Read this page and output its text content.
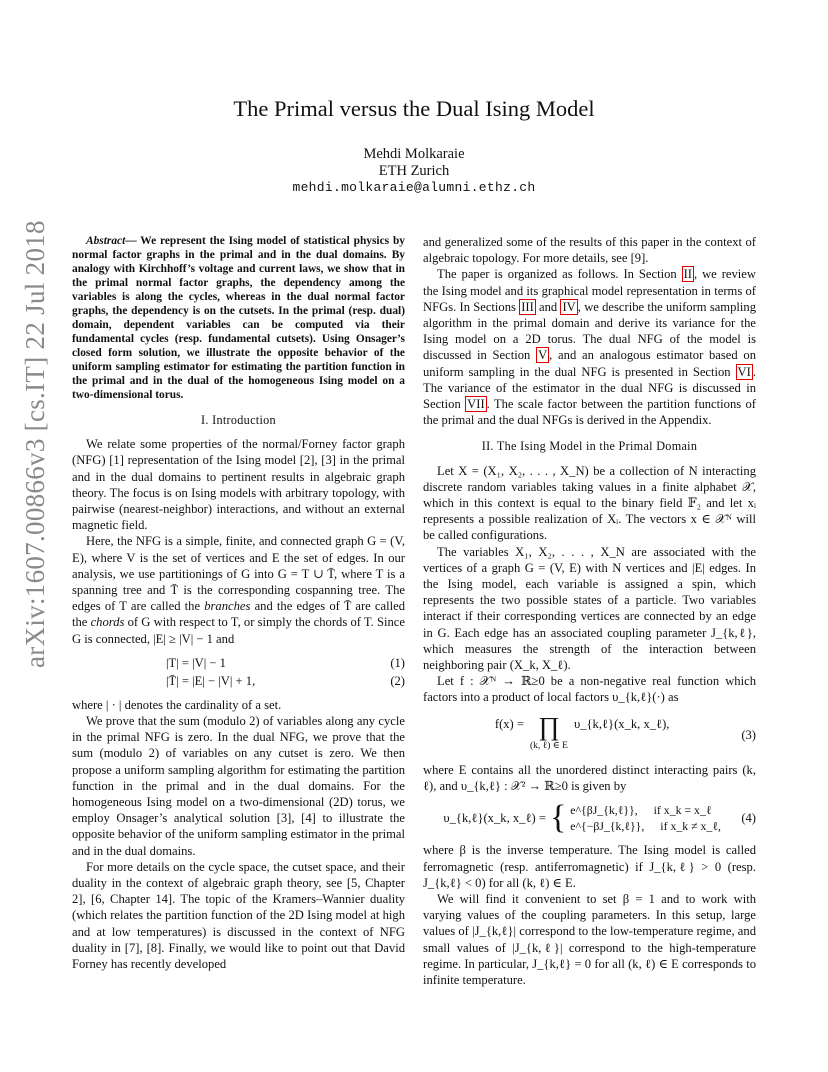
arXiv:1607.00866v3 [cs.IT] 22 Jul 2018
The Primal versus the Dual Ising Model
Mehdi Molkaraie
ETH Zurich
mehdi.molkaraie@alumni.ethz.ch

Abstract— We represent the Ising model of statistical physics by normal factor graphs in the primal and in the dual domains. By analogy with Kirchhoff’s voltage and current laws, we show that in the primal normal factor graphs, the dependency among the variables is along the cycles, whereas in the dual normal factor graphs, the dependency is on the cutsets. In the primal (resp. dual) domain, dependent variables can be computed via their fundamental cycles (resp. fundamental cutsets). Using Onsager’s closed form solution, we illustrate the opposite behavior of the uniform sampling estimator for estimating the partition function in the primal and in the dual of the homogeneous Ising model on a two-dimensional torus.

I. Introduction

We relate some properties of the normal/Forney factor graph (NFG) [1] representation of the Ising model [2], [3] in the primal and in the dual domains to pertinent results in algebraic graph theory. The focus is on Ising models with arbitrary topology, with pairwise (nearest-neighbor) interactions, and without an external magnetic field.

Here, the NFG is a simple, finite, and connected graph G = (V, E), where V is the set of vertices and E the set of edges. In our analysis, we use partitionings of G into G = T ∪ T̄, where T is a spanning tree and T̄ is the corresponding cospanning tree. The edges of T are called the branches and the edges of T̄ are called the chords of G with respect to T, or simply the chords of T. Since G is connected, |E| ≥ |V| − 1 and

|T| = |V| − 1	(1)
|T̄| = |E| − |V| + 1,	(2)

where | · | denotes the cardinality of a set.

We prove that the sum (modulo 2) of variables along any cycle in the primal NFG is zero. In the dual NFG, we prove that the sum (modulo 2) of variables on any cutset is zero. We then propose a uniform sampling algorithm for estimating the partition function in the primal and in the dual domains. For the homogeneous Ising model on a two-dimensional (2D) torus, we employ Onsager’s analytical solution [3], [4] to illustrate the opposite behavior of the uniform sampling estimator in the primal and in the dual domains.

For more details on the cycle space, the cutset space, and their duality in the context of algebraic graph theory, see [5, Chapter 2], [6, Chapter 14]. The topic of the Kramers–Wannier duality (which relates the partition function of the 2D Ising model at high and at low temperatures) is discussed in the context of NFG duality in [7], [8]. Finally, we would like to point out that David Forney has recently developed

and generalized some of the results of this paper in the context of algebraic topology. For more details, see [9].

The paper is organized as follows. In Section II , we review the Ising model and its graphical model representation in terms of NFGs. In Sections III and IV , we describe the uniform sampling algorithm in the primal domain and derive its variance for the Ising model on a 2D torus. The dual NFG of the model is discussed in Section V , and an analogous estimator based on uniform sampling in the dual NFG is presented in Section VI . The variance of the estimator in the dual NFG is discussed in Section VII . The scale factor between the partition functions of the primal and the dual NFGs is derived in the Appendix.

II. The Ising Model in the Primal Domain

Let X = (X₁, X₂, . . . , X_N) be a collection of N interacting discrete random variables taking values in a finite alphabet 𝒳, which in this context is equal to the binary field 𝔽₂ and let xᵢ represents a possible realization of Xᵢ. The vectors x ∈ 𝒳ᴺ will be called configurations.

The variables X₁, X₂, . . . , X_N are associated with the vertices of a graph G = (V, E) with N vertices and |E| edges. In the Ising model, each variable is assigned a spin, which represents the two possible states of a particle. Two variables interact if their corresponding vertices are connected by an edge in G. Each edge has an associated coupling parameter J_{k,ℓ}, which measures the strength of the interaction between neighboring pair (X_k, X_ℓ).

Let f : 𝒳ᴺ → ℝ≥0 be a non-negative real function which factors into a product of local factors υ_{k,ℓ}(·) as

f(x) = ∏
(k, ℓ) ∈ E
υ_{k,ℓ}(x_k, x_ℓ),
(3)

where E contains all the unordered distinct interacting pairs (k, ℓ), and υ_{k,ℓ} : 𝒳² → ℝ≥0 is given by

υ_{k,ℓ}(x_k, x_ℓ) = { e^{βJ_{k,ℓ}}, if x_k = x_ℓ
e^{−βJ_{k,ℓ}}, if x_k ≠ x_ℓ,
(4)

where β is the inverse temperature. The Ising model is called ferromagnetic (resp. antiferromagnetic) if J_{k,ℓ} > 0 (resp. J_{k,ℓ} < 0) for all (k, ℓ) ∈ E.

We will find it convenient to set β = 1 and to work with varying values of the coupling parameters. In this setup, large values of |J_{k,ℓ}| correspond to the low-temperature regime, and small values of |J_{k,ℓ}| correspond to the high-temperature regime. In particular, J_{k,ℓ} = 0 for all (k, ℓ) ∈ E corresponds to infinite temperature.
